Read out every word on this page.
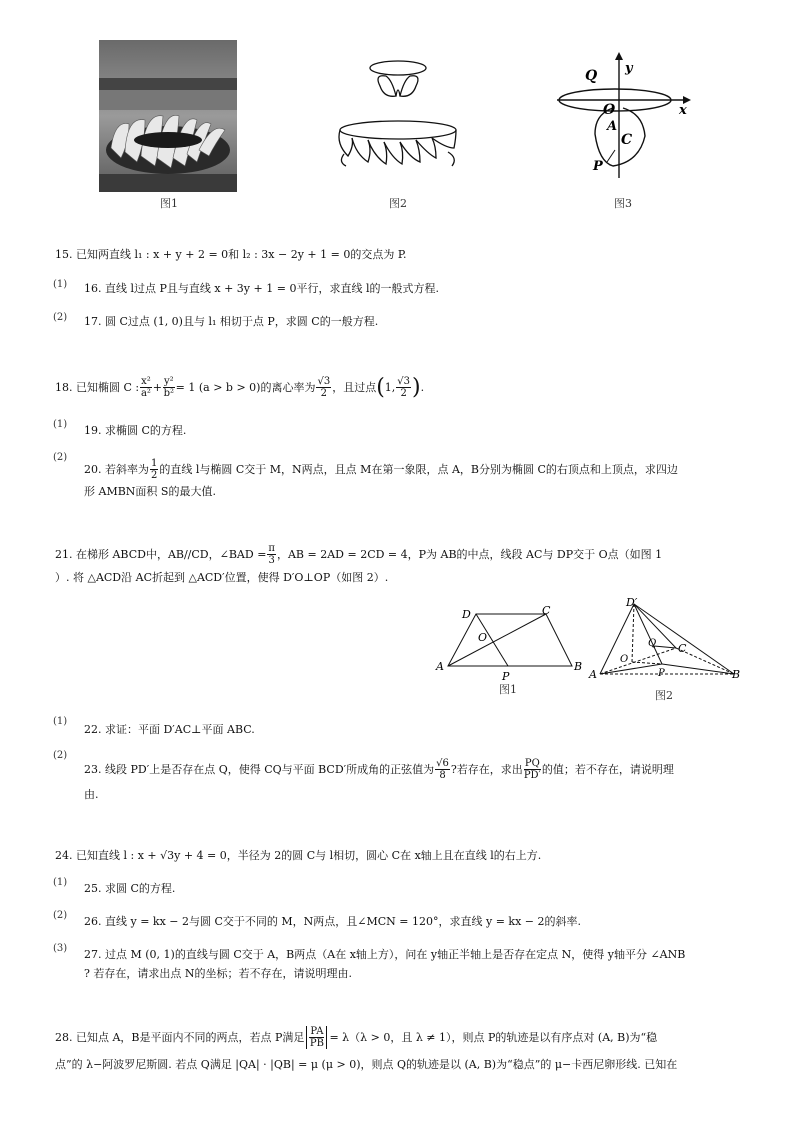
图1	图2
Q y
O	x
A
C
P
图3
15. 已知两直线 l₁ : x + y + 2 = 0和 l₂ : 3x − 2y + 1 = 0的交点为 P.
(1) 16. 直线 l过点 P且与直线 x + 3y + 1 = 0平行，求直线 l的一般式方程.
(2) 17. 圆 C过点 (1, 0)且与 l₁ 相切于点 P，求圆 C的一般方程.
18. 已知椭圆 C : $\frac{\text{x²}}{\text{a²}} + \frac{\text{y²}}{\text{b²}} = 1$ (a > b > 0)的离心率为 $\frac{√3}{2}$ ，且过点 ( 1, $\frac{√3}{2}$ ) .
(1) 19. 求椭圆 C的方程.
(2)
20. 若斜率为 $\frac{1}{2}$ 的直线 l与椭圆 C交于 M，N两点，且点 M在第一象限，点 A，B分别为椭圆 C的右顶点和上顶点，求四边
形 AMBN面积 S的最大值.
21. 在梯形 ABCD中，AB//CD，∠BAD = $\frac{\pi}{3}$ ，AB = 2AD = 2CD = 4，P为 AB的中点，线段 AC与 DP交于 O点（如图 1
）. 将 △ACD沿 AC折起到 △ACD′位置，使得 D′O⊥OP（如图 2）.
D	C
O
A
P
B
图1
D′
Q C
O
A	P	B
图2
(1)
22. 求证：平面 D′AC⊥平面 ABC.
(2)
23. 线段 PD′上是否存在点 Q，使得 CQ与平面 BCD′所成角的正弦值为 $\frac{√6}{8}$ ?若存在，求出 $\frac{PQ}{PD'}$ 的值；若不存在，请说明理
由.
24. 已知直线 l : x + √3y + 4 = 0，半径为 2的圆 C与 l相切，圆心 C在 x轴上且在直线 l的右上方.
(1) 25. 求圆 C的方程.
(2) 26. 直线 y = kx − 2与圆 C交于不同的 M，N两点，且∠MCN = 120°，求直线 y = kx − 2的斜率.
(3) 27. 过点 M (0, 1)的直线与圆 C交于 A，B两点（A在 x轴上方），问在 y轴正半轴上是否存在定点 N，使得 y轴平分 ∠ANB
? 若存在，请求出点 N的坐标；若不存在，请说明理由.
28. 已知点 A，B是平面内不同的两点，若点 P满足 $\frac{PA}{PB} = \lambda(\lambda > 0$，且 λ ≠ 1），则点 P的轨迹是以有序点对 (A, B)为“稳
点”的 λ−阿波罗尼斯圆. 若点 Q满足 |QA| · |QB| = μ (μ > 0)，则点 Q的轨迹是以 (A, B)为“稳点”的 μ−卡西尼卵形线. 已知在
